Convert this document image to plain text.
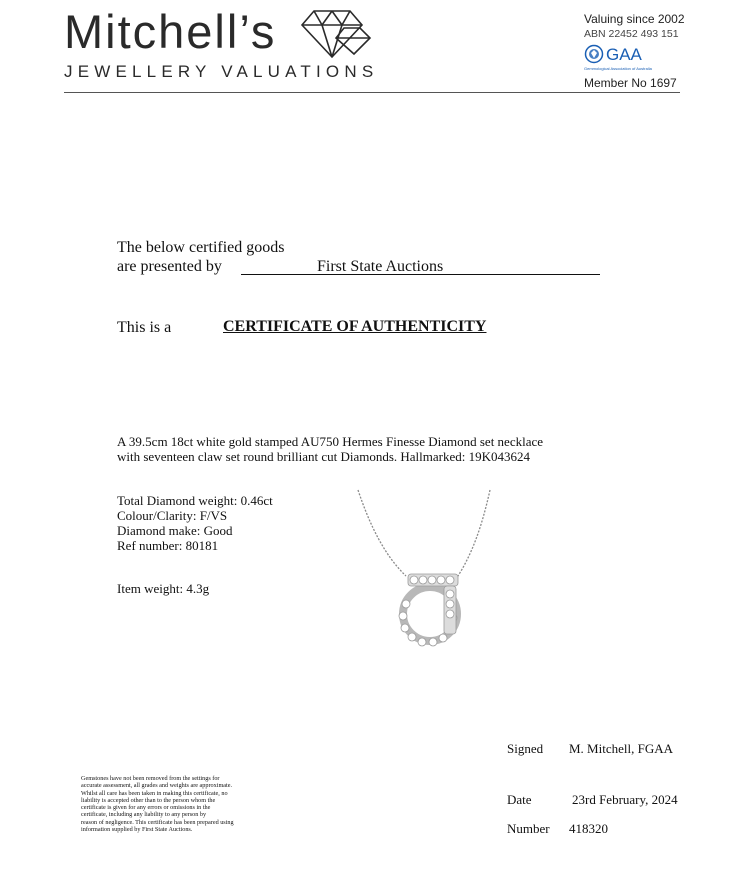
Mitchell’s
JEWELLERY VALUATIONS
Valuing since 2002
ABN 22452 493 151
GAA
Gemmological Association of Australia
Member No 1697
The below certified goods
are presented by	First State Auctions
This is a	CERTIFICATE OF AUTHENTICITY
A 39.5cm 18ct white gold stamped AU750 Hermes Finesse Diamond set necklace
with seventeen claw set round brilliant cut Diamonds. Hallmarked: 19K043624
Total Diamond weight: 0.46ct
Colour/Clarity: F/VS
Diamond make: Good
Ref number: 80181
Item weight: 4.3g
Gemstones have not been removed from the settings for
accurate assessment, all grades and weights are approximate.
Whilst all care has been taken in making this certificate, no
liability is accepted other than to the person whom the
certificate is given for any errors or omissions in the
certificate, including any liability to any person by
reason of negligence. This certificate has been prepared using
information supplied by First State Auctions.
Signed M. Mitchell, FGAA
Date	23rd February, 2024
Number 418320
